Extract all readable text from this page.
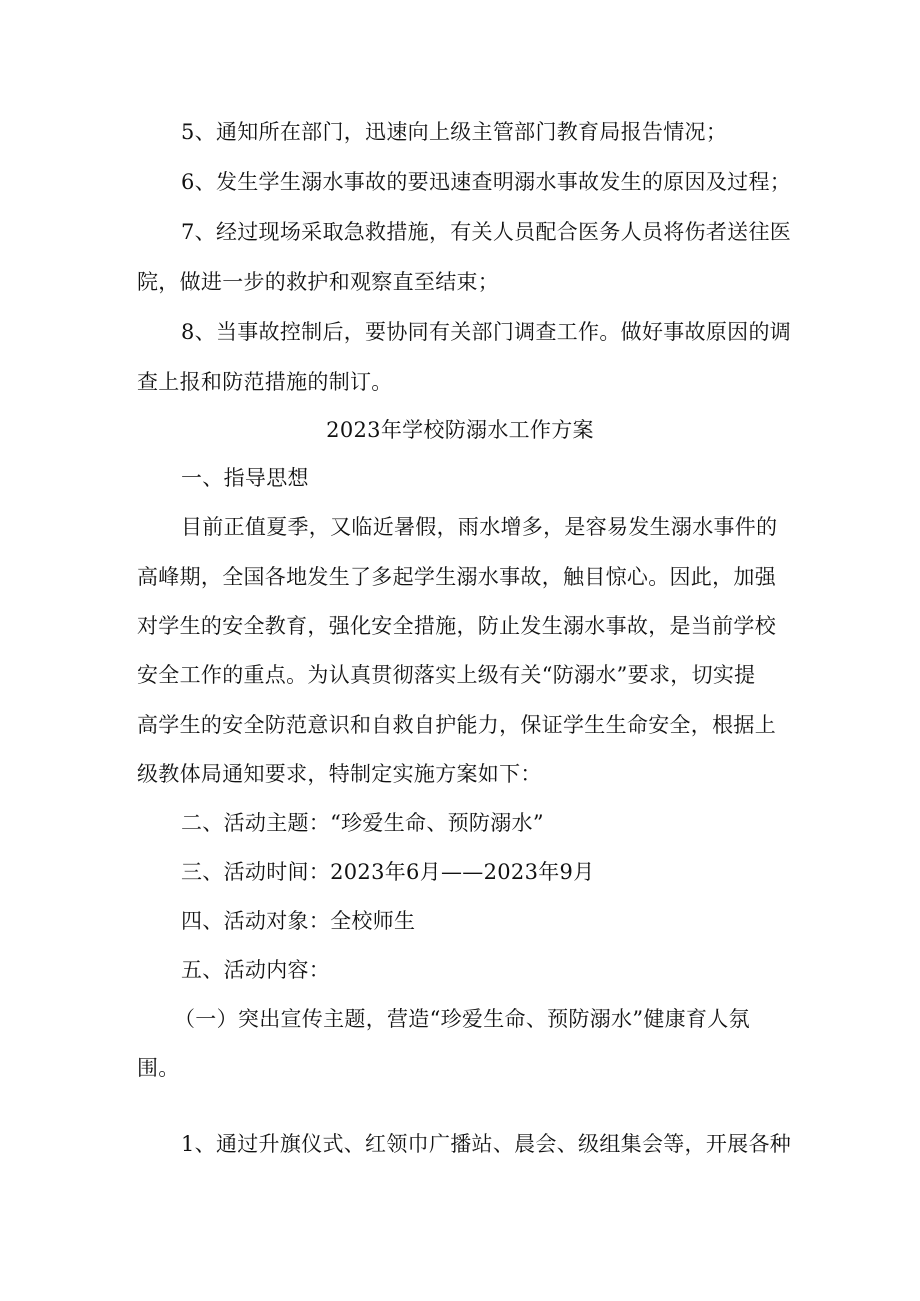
5、通知所在部门，迅速向上级主管部门教育局报告情况；
6、发生学生溺水事故的要迅速查明溺水事故发生的原因及过程；
7、经过现场采取急救措施，有关人员配合医务人员将伤者送往医
院，做进一步的救护和观察直至结束；
8、当事故控制后，要协同有关部门调查工作。做好事故原因的调
查上报和防范措施的制订。
2023年学校防溺水工作方案
一、指导思想
目前正值夏季，又临近暑假，雨水增多，是容易发生溺水事件的
高峰期，全国各地发生了多起学生溺水事故，触目惊心。因此，加强
对学生的安全教育，强化安全措施，防止发生溺水事故，是当前学校
安全工作的重点。为认真贯彻落实上级有关“防溺水”要求，切实提
高学生的安全防范意识和自救自护能力，保证学生生命安全，根据上
级教体局通知要求，特制定实施方案如下：
二、活动主题：“珍爱生命、预防溺水”
三、活动时间：2023年6月——2023年9月
四、活动对象：全校师生
五、活动内容：
（一）突出宣传主题，营造“珍爱生命、预防溺水”健康育人氛
围。
1、通过升旗仪式、红领巾广播站、晨会、级组集会等，开展各种
